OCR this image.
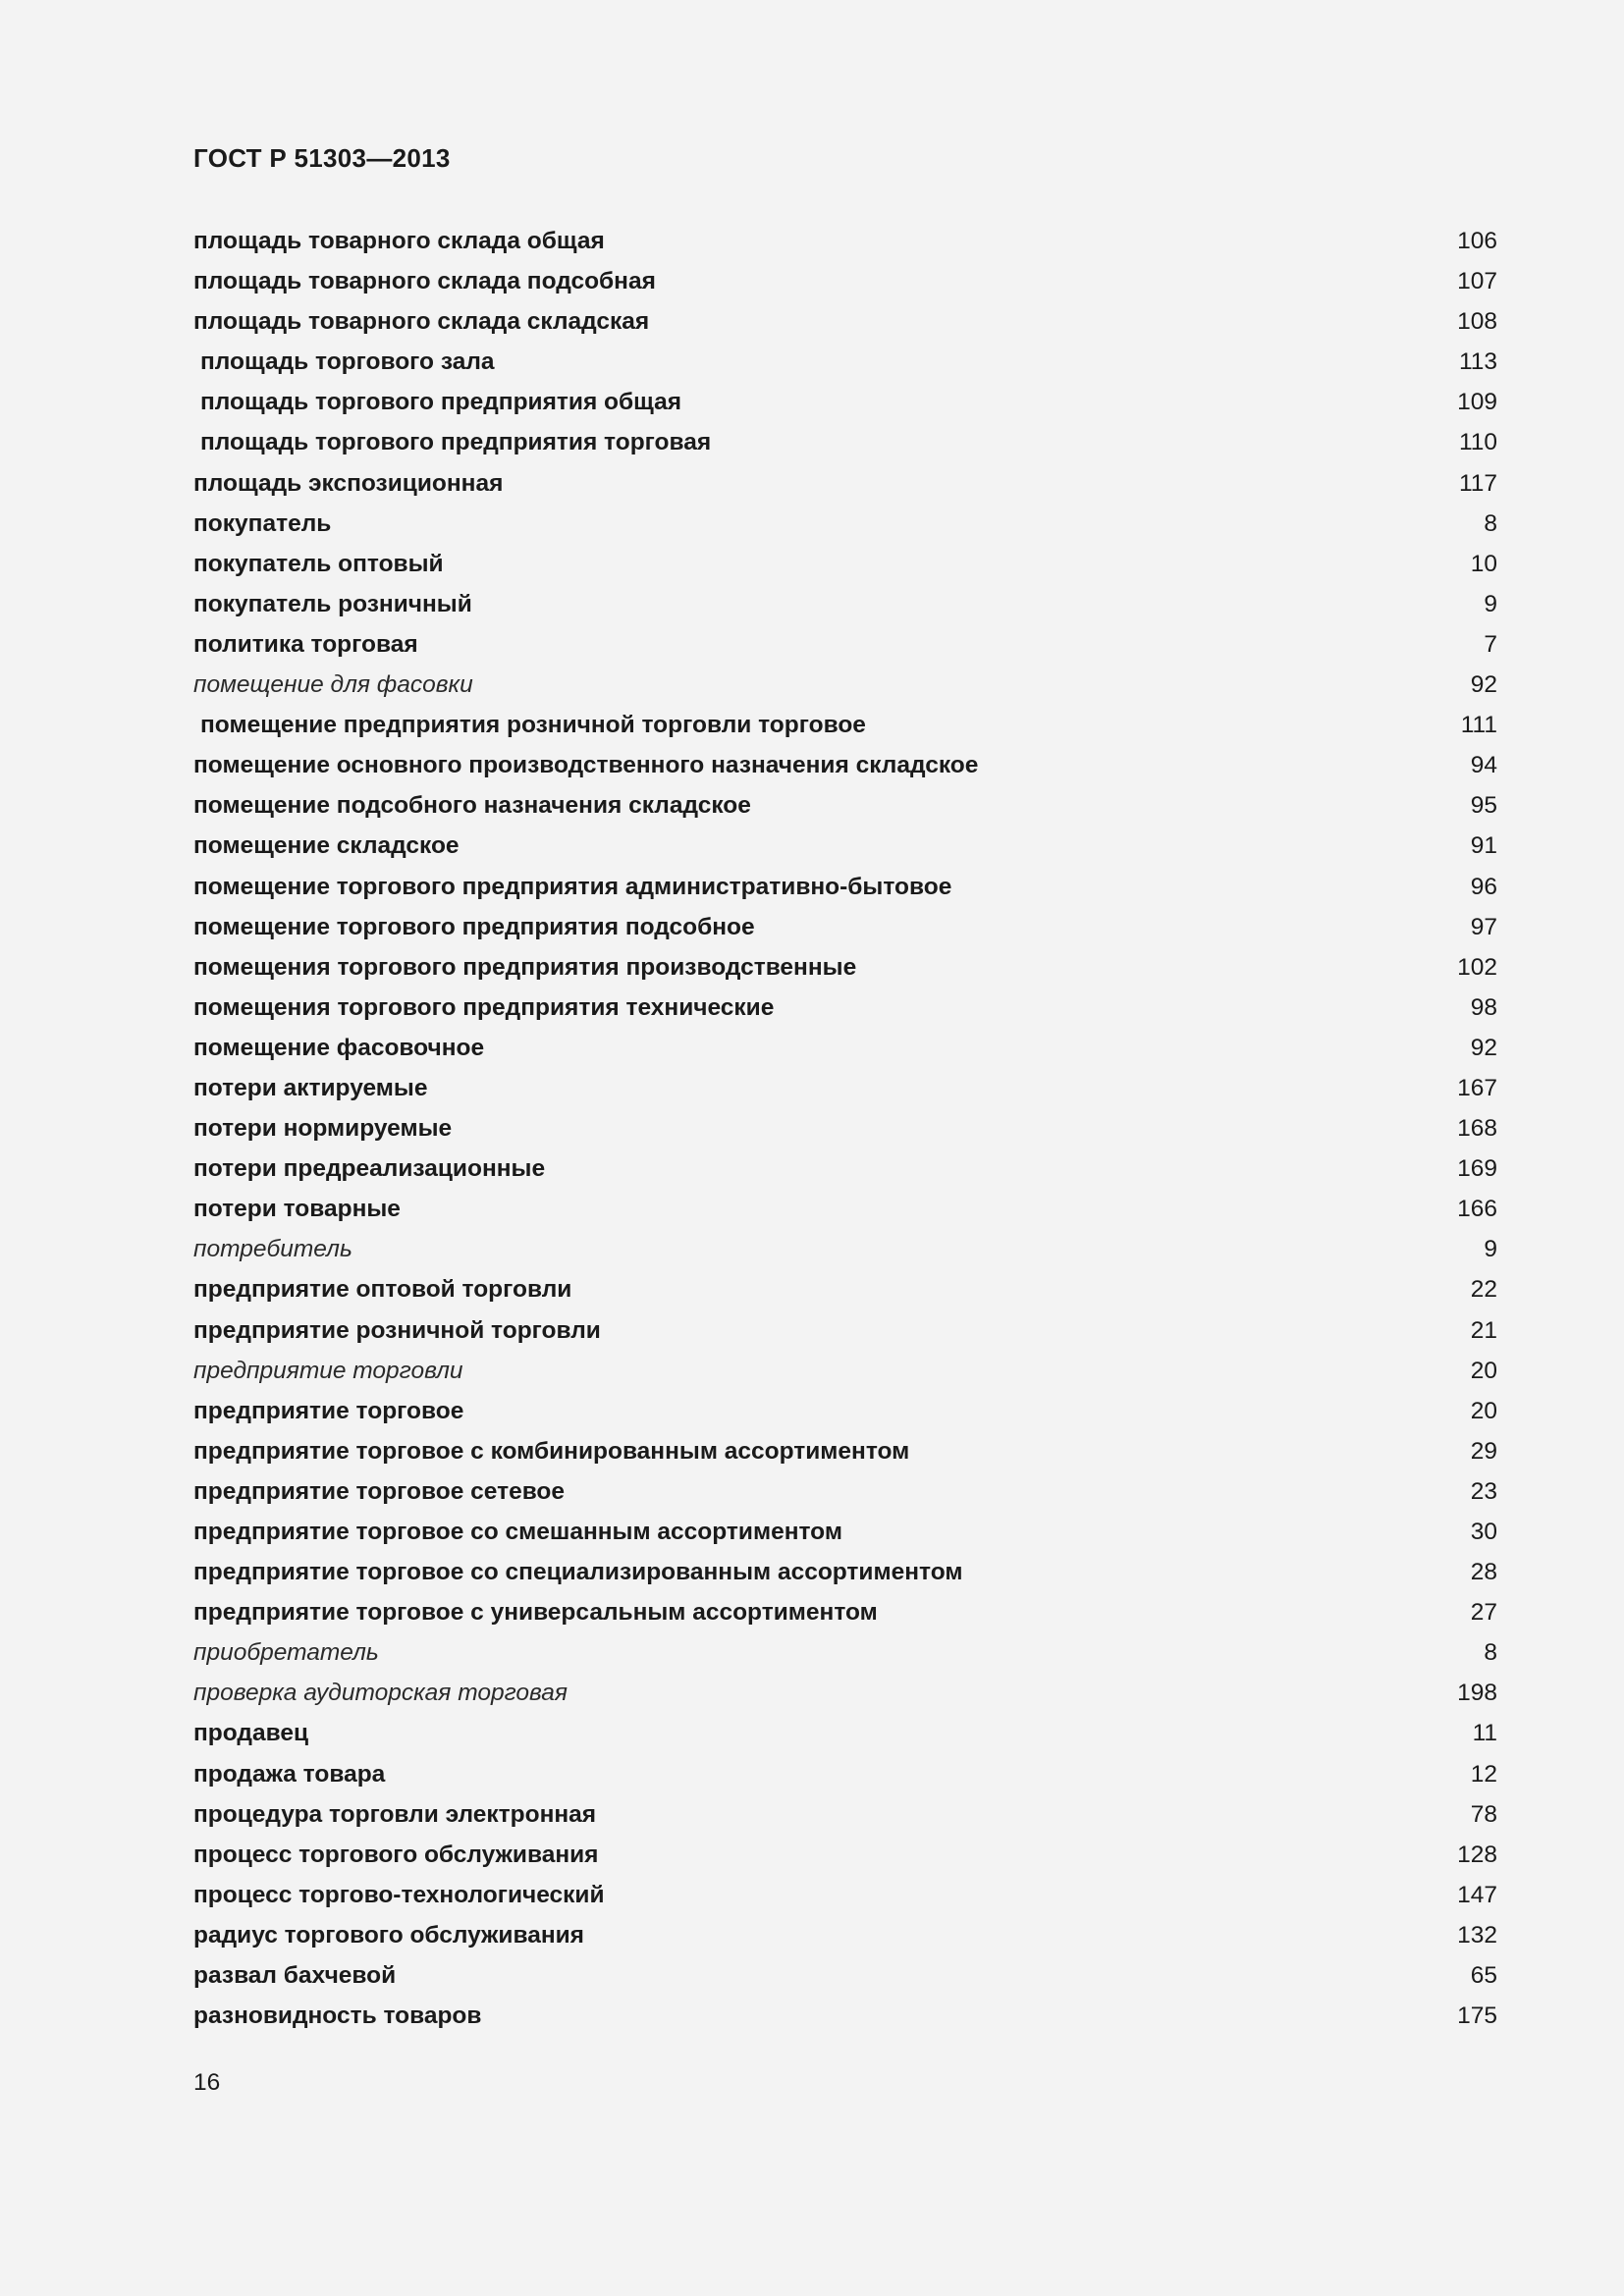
ГОСТ Р 51303—2013
площадь товарного склада общая	106
площадь товарного склада подсобная	107
площадь товарного склада складская	108
площадь торгового зала	113
площадь торгового предприятия общая	109
площадь торгового предприятия торговая	110
площадь экспозиционная	117
покупатель	8
покупатель оптовый	10
покупатель розничный	9
политика торговая	7
помещение для фасовки	92
помещение предприятия розничной торговли торговое	111
помещение основного производственного назначения складское	94
помещение подсобного назначения складское	95
помещение складское	91
помещение торгового предприятия административно-бытовое	96
помещение торгового предприятия подсобное	97
помещения торгового предприятия производственные	102
помещения торгового предприятия технические	98
помещение фасовочное	92
потери актируемые	167
потери нормируемые	168
потери предреализационные	169
потери товарные	166
потребитель	9
предприятие оптовой торговли	22
предприятие розничной торговли	21
предприятие торговли	20
предприятие торговое	20
предприятие торговое с комбинированным ассортиментом	29
предприятие торговое сетевое	23
предприятие торговое со смешанным ассортиментом	30
предприятие торговое со специализированным ассортиментом	28
предприятие торговое с универсальным ассортиментом	27
приобретатель	8
проверка аудиторская торговая	198
продавец	11
продажа товара	12
процедура торговли электронная	78
процесс торгового обслуживания	128
процесс торгово-технологический	147
радиус торгового обслуживания	132
развал бахчевой	65
разновидность товаров	175
16
